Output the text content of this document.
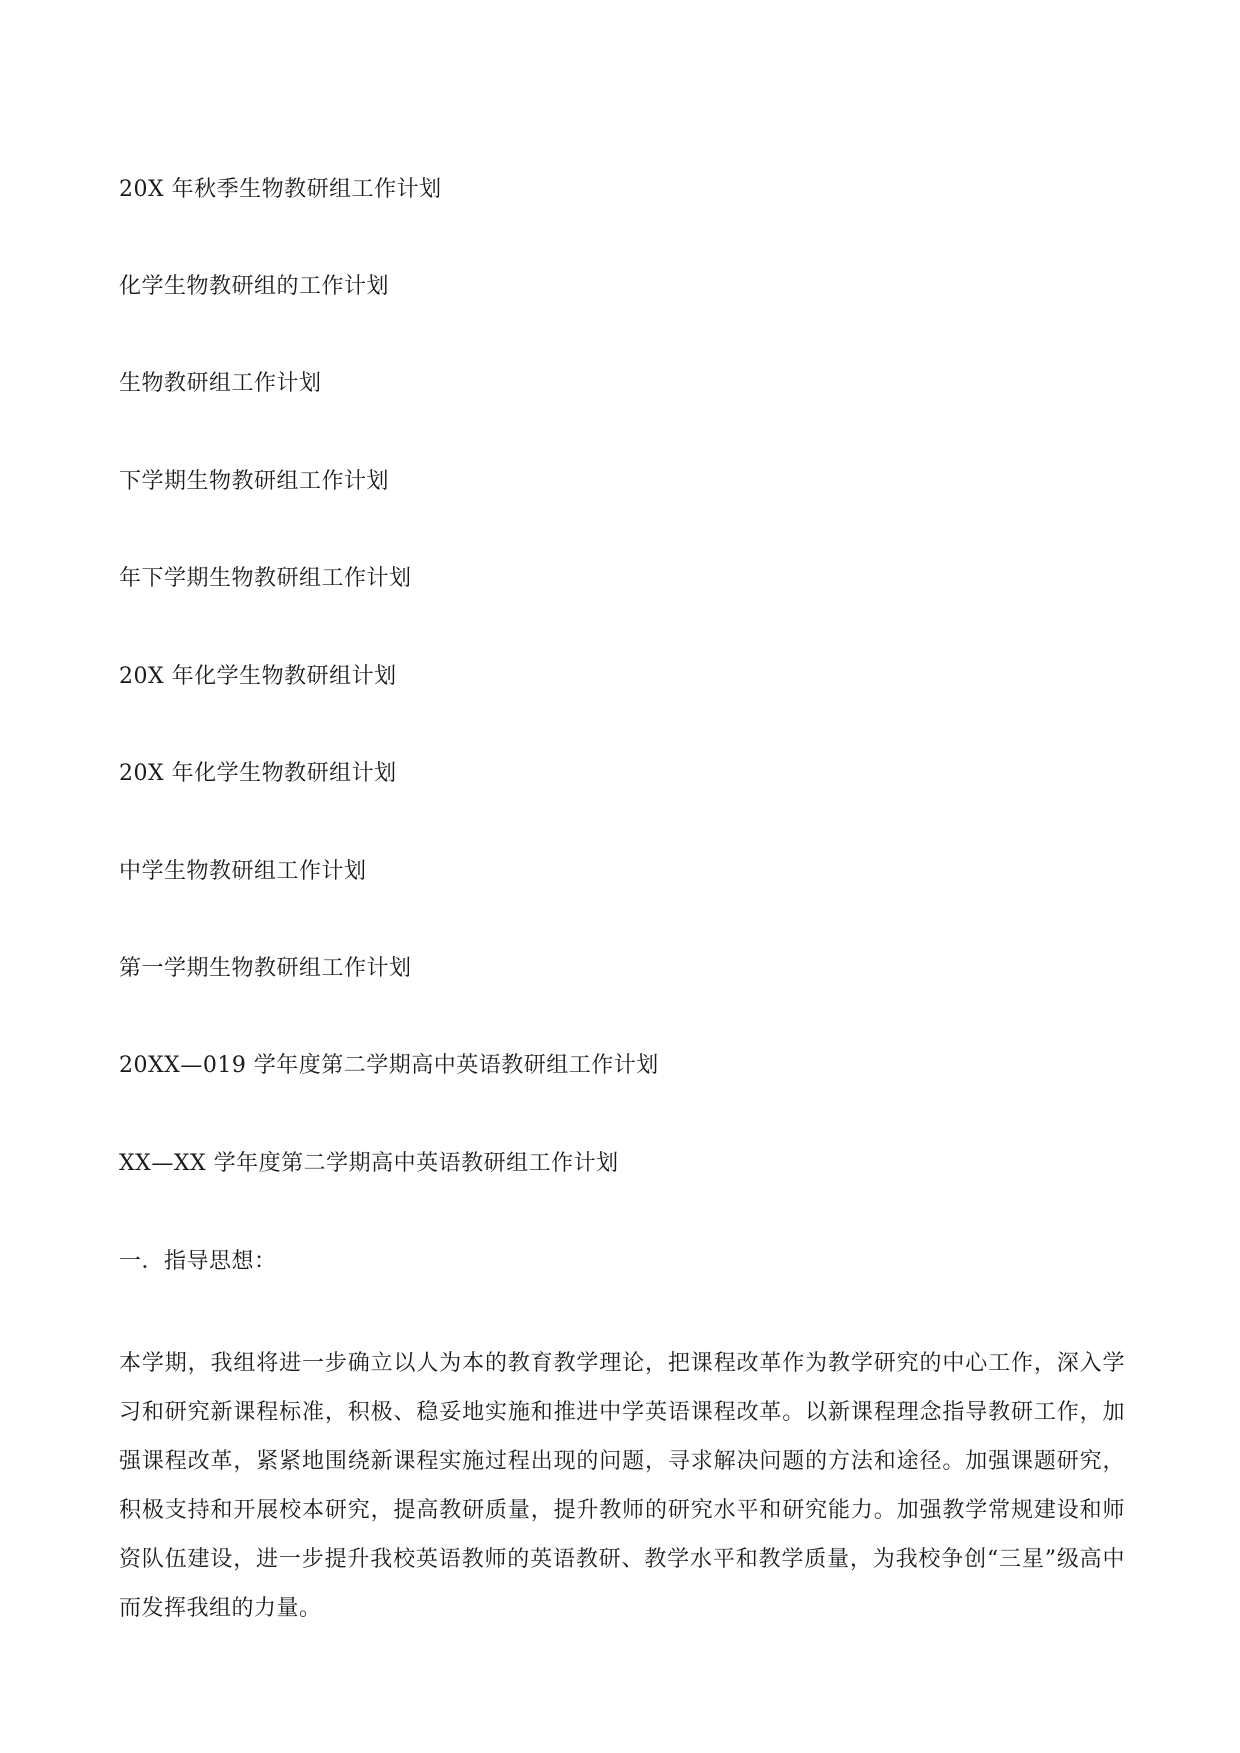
20X 年秋季生物教研组工作计划
化学生物教研组的工作计划
生物教研组工作计划
下学期生物教研组工作计划
年下学期生物教研组工作计划
20X 年化学生物教研组计划
20X 年化学生物教研组计划
中学生物教研组工作计划
第一学期生物教研组工作计划
20XX—019 学年度第二学期高中英语教研组工作计划
XX—XX 学年度第二学期高中英语教研组工作计划
一．指导思想：

本学期，我组将进一步确立以人为本的教育教学理论，把课程改革作为教学研究的中心工作，深入学习和研究新课程标准，积极、稳妥地实施和推进中学英语课程改革。以新课程理念指导教研工作，加强课程改革，紧紧地围绕新课程实施过程出现的问题，寻求解决问题的方法和途径。加强课题研究，积极支持和开展校本研究，提高教研质量，提升教师的研究水平和研究能力。加强教学常规建设和师资队伍建设，进一步提升我校英语教师的英语教研、教学水平和教学质量，为我校争创“三星”级高中而发挥我组的力量。
